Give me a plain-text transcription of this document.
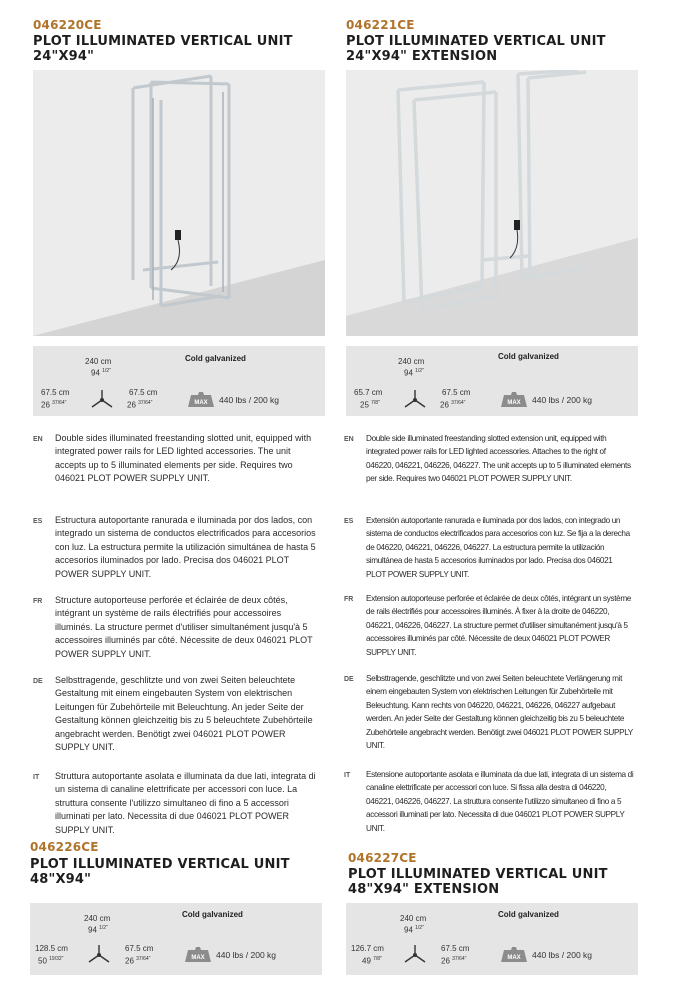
046220CE
PLOT ILLUMINATED VERTICAL UNIT
24"X94"
240 cm
94 $^{1/2"}$
67.5 cm
26 $^{37/64"}$
67.5 cm
26 $^{37/64"}$
Cold galvanized
MAX 440 lbs / 200 kg
EN Double sides illuminated freestanding slotted unit, equipped with integrated power rails for LED lighted accessories. The unit accepts up to 5 illuminated elements per side. Requires two 046021 PLOT POWER SUPPLY UNIT.
ES Estructura autoportante ranurada e iluminada por dos lados, con integrado un sistema de conductos electrificados para accesorios con luz. La estructura permite la utilización simultánea de hasta 5 accesorios iluminados por lado. Precisa dos 046021 PLOT POWER SUPPLY UNIT.
FR Structure autoporteuse perforée et éclairée de deux côtés, intégrant un système de rails électrifiés pour accessoires illuminés. La structure permet d'utiliser simultanément jusqu'à 5 accessoires illuminés par côté. Nécessite de deux 046021 PLOT POWER SUPPLY UNIT.
DE Selbsttragende, geschlitzte und von zwei Seiten beleuchtete Gestaltung mit einem eingebauten System von elektrischen Leitungen für Zubehörteile mit Beleuchtung. An jeder Seite der Gestaltung können gleichzeitig bis zu 5 beleuchtete Zubehörteile angebracht werden. Benötigt zwei 046021 PLOT POWER SUPPLY UNIT.
IT Struttura autoportante asolata e illuminata da due lati, integrata di un sistema di canaline elettrificate per accessori con luce. La struttura consente l'utilizzo simultaneo di fino a 5 accessori illuminati per lato. Necessita di due 046021 PLOT POWER SUPPLY UNIT.
046221CE
PLOT ILLUMINATED VERTICAL UNIT
24"X94" EXTENSION
240 cm
94 $^{1/2"}$
65.7 cm
25 $^{7/8"}$
67.5 cm
26 $^{37/64"}$
Cold galvanized
MAX 440 lbs / 200 kg
EN Double side illuminated freestanding slotted extension unit, equipped with integrated power rails for LED lighted accessories. Attaches to the right of 046220, 046221, 046226, 046227. The unit accepts up to 5 illuminated elements per side. Requires two 046021 PLOT POWER SUPPLY UNIT.
ES Extensión autoportante ranurada e iluminada por dos lados, con integrado un sistema de conductos electrificados para accesorios con luz. Se fija a la derecha de 046220, 046221, 046226, 046227. La estructura permite la utilización simultánea de hasta 5 accesorios iluminados por lado. Precisa dos 046021 PLOT POWER SUPPLY UNIT.
FR Extension autoporteuse perforée et éclairée de deux côtés, intégrant un système de rails électrifiés pour accessoires illuminés. À fixer à la droite de 046220, 046221, 046226, 046227. La structure permet d'utiliser simultanément jusqu'à 5 accessoires illuminés par côté. Nécessite de deux 046021 PLOT POWER SUPPLY UNIT.
DE Selbsttragende, geschlitzte und von zwei Seiten beleuchtete Verlängerung mit einem eingebauten System von elektrischen Leitungen für Zubehörteile mit Beleuchtung. Kann rechts von 046220, 046221, 046226, 046227 aufgebaut werden. An jeder Seite der Gestaltung können gleichzeitig bis zu 5 beleuchtete Zubehörteile angebracht werden. Benötigt zwei 046021 PLOT POWER SUPPLY UNIT.
IT Estensione autoportante asolata e illuminata da due lati, integrata di un sistema di canaline elettrificate per accessori con luce. Si fissa alla destra di 046220, 046221, 046226, 046227. La struttura consente l'utilizzo simultaneo di fino a 5 accessori illuminati per lato. Necessita di due 046021 PLOT POWER SUPPLY UNIT.
046226CE
PLOT ILLUMINATED VERTICAL UNIT
48"X94"
240 cm
94 $^{1/2"}$
128.5 cm
50 $^{19/32"}$
67.5 cm
26 $^{37/64"}$
Cold galvanized
MAX 440 lbs / 200 kg
046227CE
PLOT ILLUMINATED VERTICAL UNIT
48"X94" EXTENSION
240 cm
94 $^{1/2"}$
126.7 cm
49 $^{7/8"}$
67.5 cm
26 $^{37/64"}$
Cold galvanized
MAX 440 lbs / 200 kg
